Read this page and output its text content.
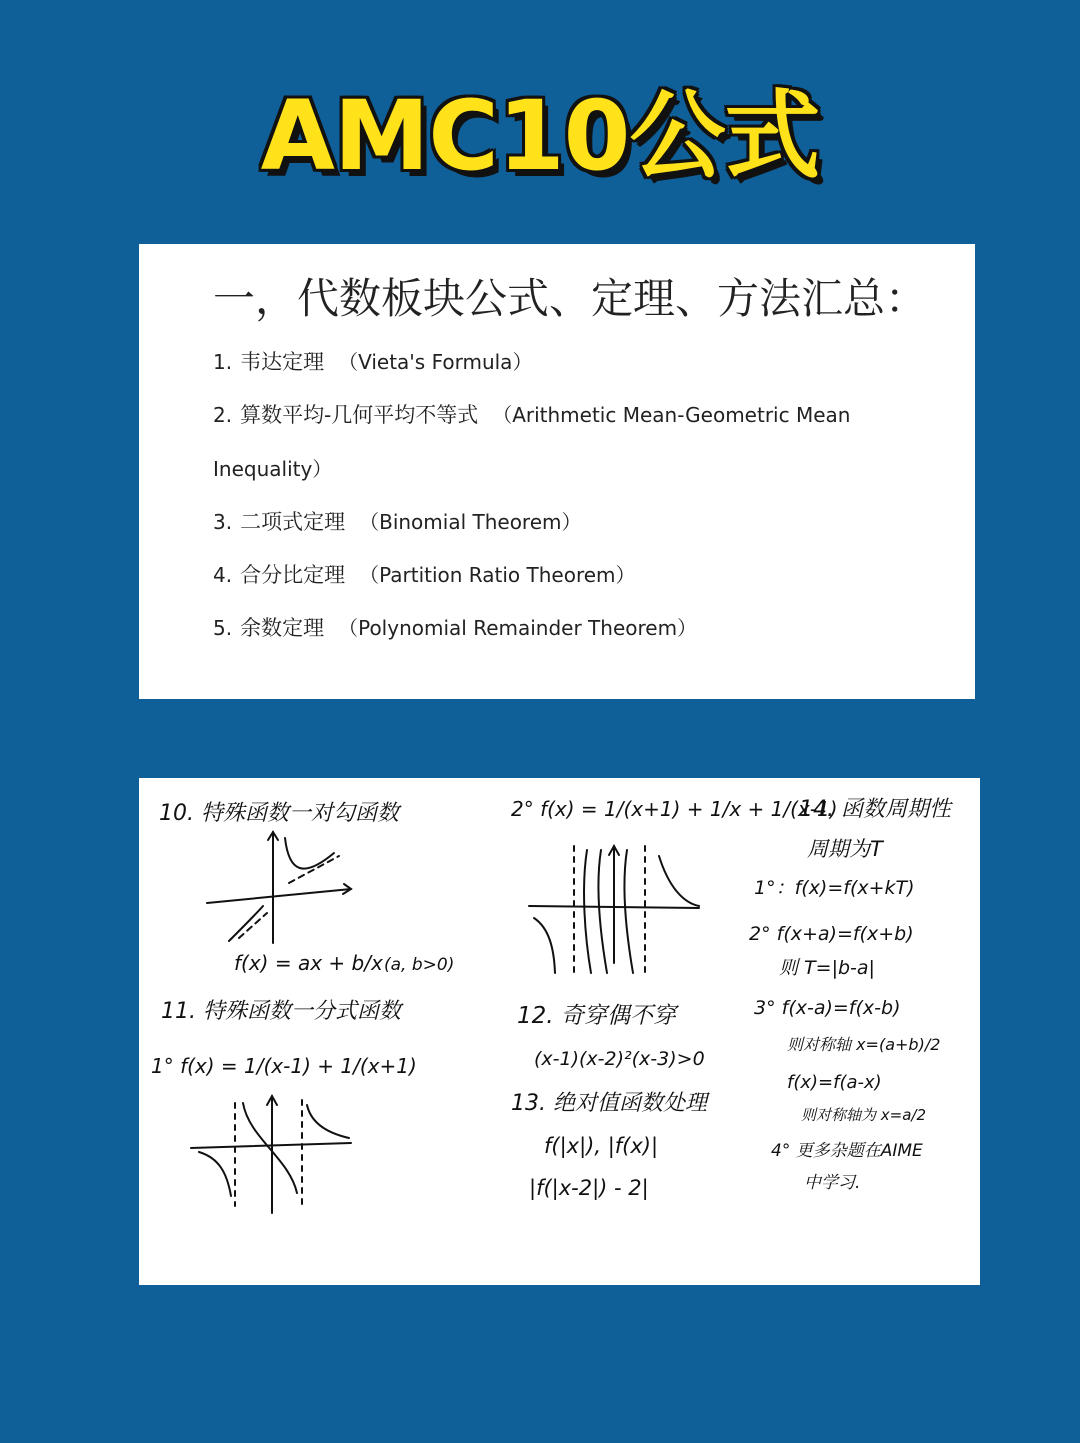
AMC10公式
一，代数板块公式、定理、方法汇总：
1. 韦达定理 （Vieta's Formula）
2. 算数平均-几何平均不等式 （Arithmetic Mean-Geometric Mean
Inequality）
3. 二项式定理 （Binomial Theorem）
4. 合分比定理 （Partition Ratio Theorem）
5. 余数定理 （Polynomial Remainder Theorem）
10. 特殊函数一对勾函数
f(x) = ax + b/x (a, b>0)
11. 特殊函数一分式函数
1° f(x) = 1/(x-1) + 1/(x+1)
2° f(x) = 1/(x+1) + 1/x + 1/(x-1)
12. 奇穿偶不穿
(x-1)(x-2)²(x-3)>0
13. 绝对值函数处理
f(|x|), |f(x)|
|f(|x-2|) - 2|
14. 函数周期性
周期为T
1°：f(x)=f(x+kT)
2° f(x+a)=f(x+b)
则 T=|b-a|
3° f(x-a)=f(x-b)
则对称轴 x=(a+b)/2
f(x)=f(a-x)
则对称轴为 x=a/2
4° 更多杂题在AIME
中学习.
